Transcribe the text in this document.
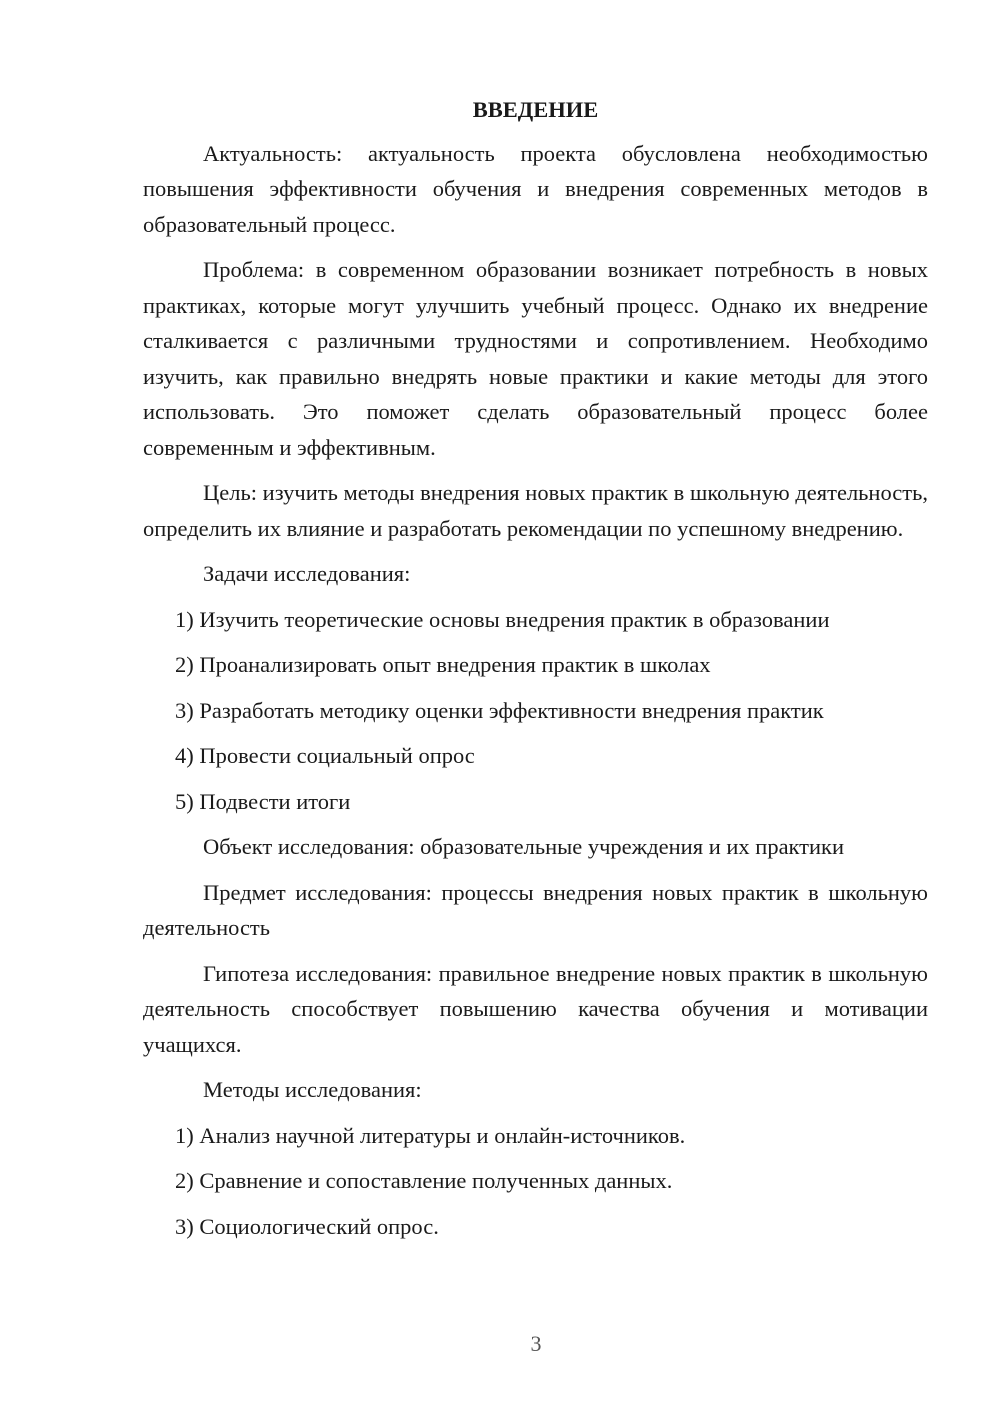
ВВЕДЕНИЕ
Актуальность: актуальность проекта обусловлена необходимостью повышения эффективности обучения и внедрения современных методов в образовательный процесс.
Проблема: в современном образовании возникает потребность в новых практиках, которые могут улучшить учебный процесс. Однако их внедрение сталкивается с различными трудностями и сопротивлением. Необходимо изучить, как правильно внедрять новые практики и какие методы для этого использовать. Это поможет сделать образовательный процесс более современным и эффективным.
Цель: изучить методы внедрения новых практик в школьную деятельность, определить их влияние и разработать рекомендации по успешному внедрению.
Задачи исследования:
1) Изучить теоретические основы внедрения практик в образовании
2) Проанализировать опыт внедрения практик в школах
3) Разработать методику оценки эффективности внедрения практик
4) Провести социальный опрос
5) Подвести итоги
Объект исследования: образовательные учреждения и их практики
Предмет исследования: процессы внедрения новых практик в школьную деятельность
Гипотеза исследования: правильное внедрение новых практик в школьную деятельность способствует повышению качества обучения и мотивации учащихся.
Методы исследования:
1) Анализ научной литературы и онлайн-источников.
2) Сравнение и сопоставление полученных данных.
3) Социологический опрос.
3
